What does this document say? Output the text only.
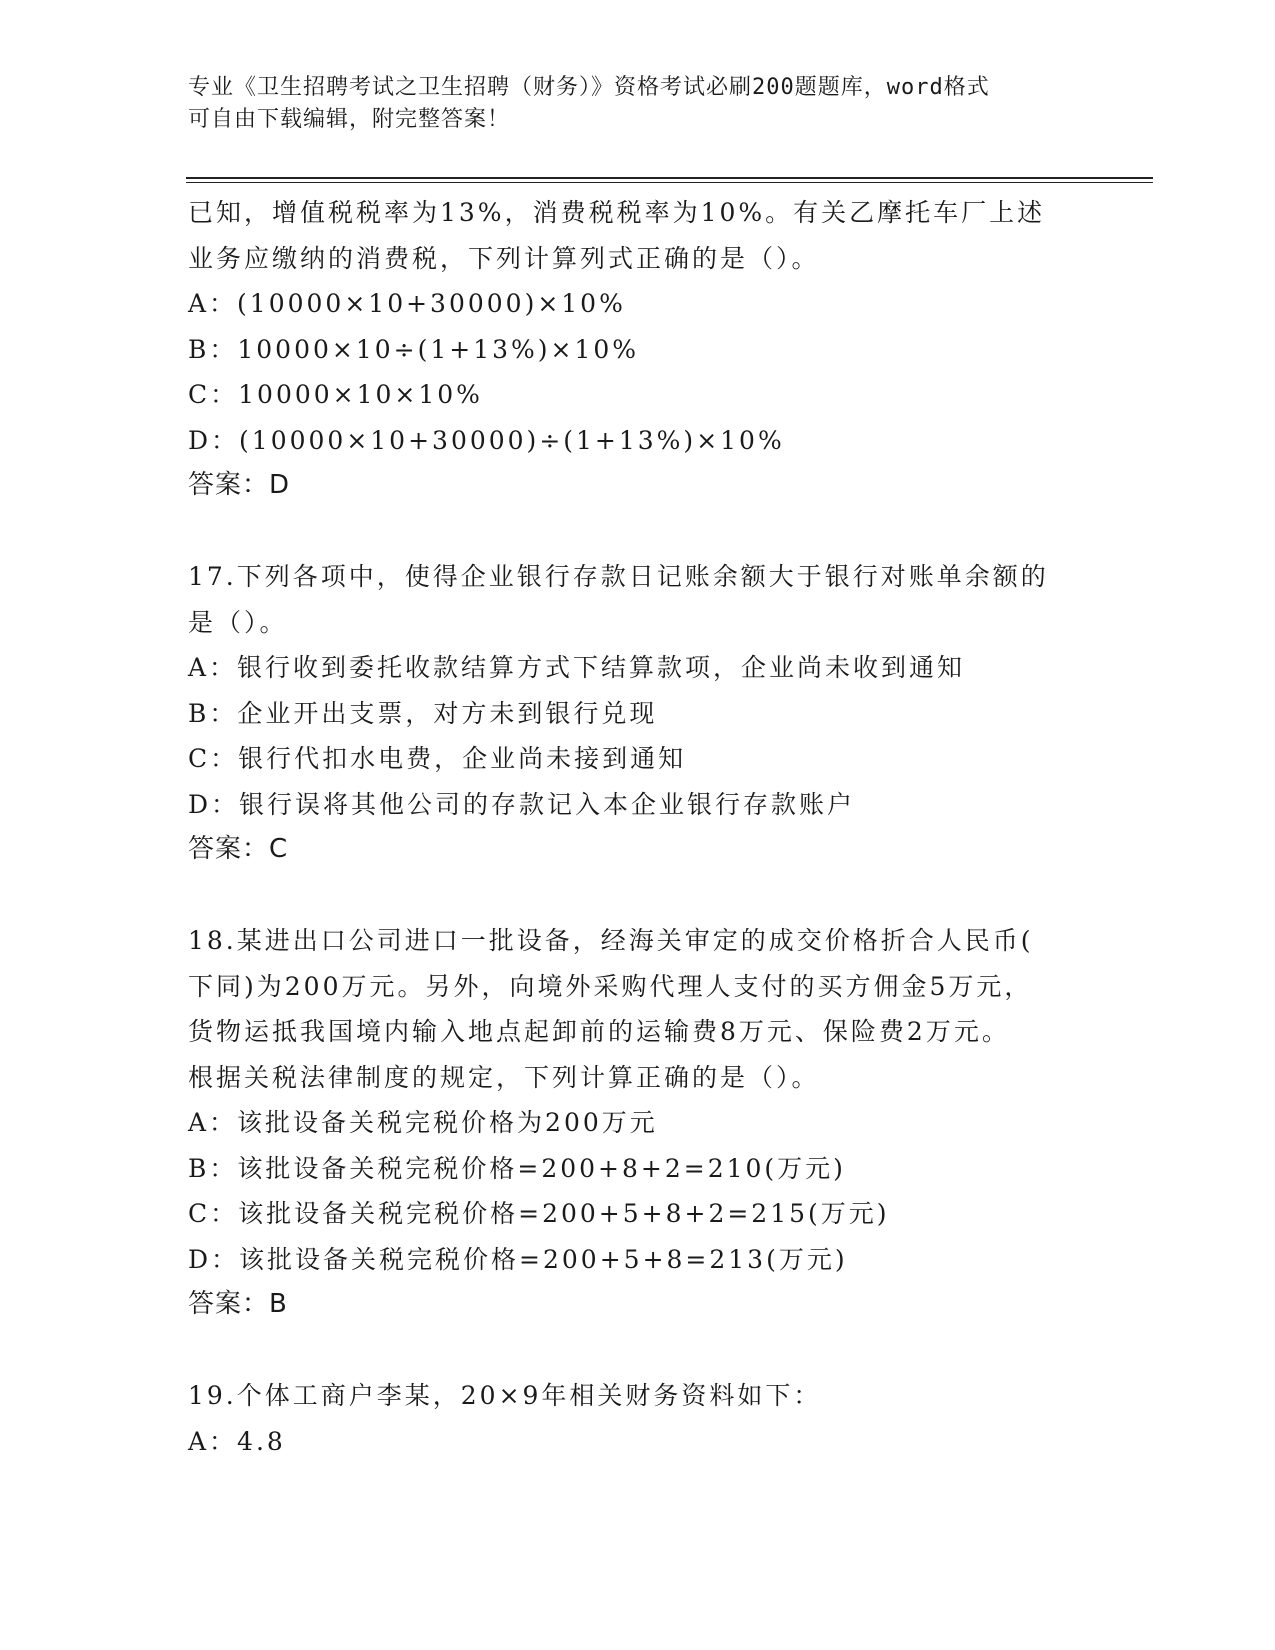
专业《卫生招聘考试之卫生招聘（财务）》资格考试必刷200题题库，word格式
可自由下载编辑，附完整答案！
已知，增值税税率为13%，消费税税率为10%。有关乙摩托车厂上述
业务应缴纳的消费税，下列计算列式正确的是（）。
A：(10000×10+30000)×10%
B：10000×10÷(1+13%)×10%
C：10000×10×10%
D：(10000×10+30000)÷(1+13%)×10%
答案：D
17.下列各项中，使得企业银行存款日记账余额大于银行对账单余额的
是（）。
A：银行收到委托收款结算方式下结算款项，企业尚未收到通知
B：企业开出支票，对方未到银行兑现
C：银行代扣水电费，企业尚未接到通知
D：银行误将其他公司的存款记入本企业银行存款账户
答案：C
18.某进出口公司进口一批设备，经海关审定的成交价格折合人民币(
下同)为200万元。另外，向境外采购代理人支付的买方佣金5万元，
货物运抵我国境内输入地点起卸前的运输费8万元、保险费2万元。
根据关税法律制度的规定，下列计算正确的是（）。
A：该批设备关税完税价格为200万元
B：该批设备关税完税价格=200+8+2=210(万元)
C：该批设备关税完税价格=200+5+8+2=215(万元)
D：该批设备关税完税价格=200+5+8=213(万元)
答案：B
19.个体工商户李某，20×9年相关财务资料如下：
A：4.8
